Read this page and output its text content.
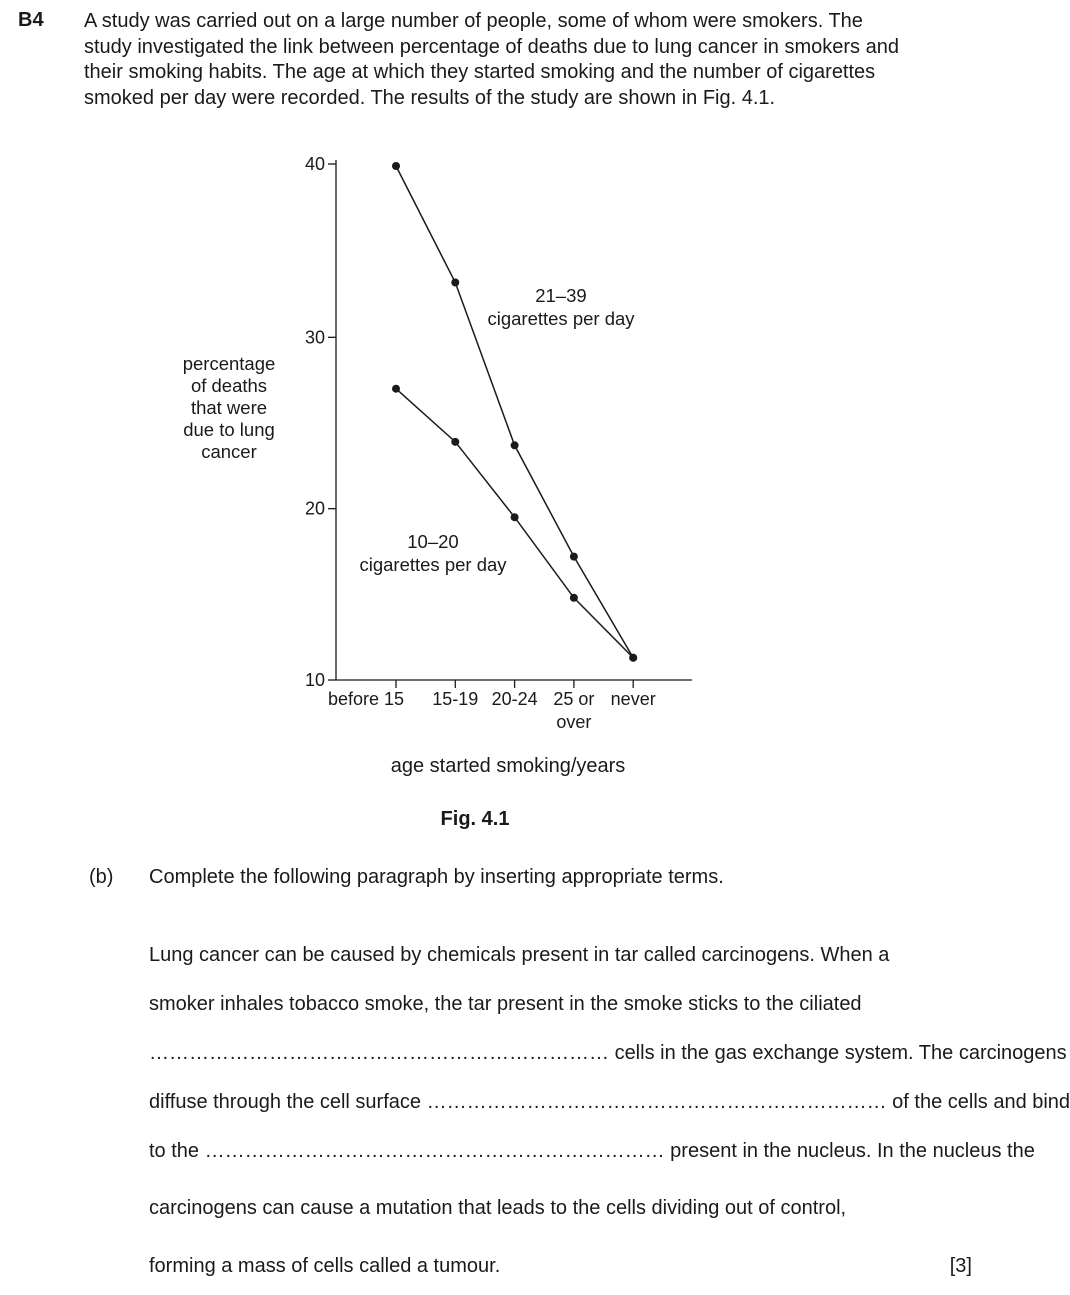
B4 A study was carried out on a large number of people, some of whom were smokers. The
study investigated the link between percentage of deaths due to lung cancer in smokers and
their smoking habits. The age at which they started smoking and the number of cigarettes
smoked per day were recorded. The results of the study are shown in Fig. 4.1.
10
20
30
40
before 15 15-19 20-24 25 or
over
never
percentage
of deaths
that were
due to lung
cancer
21–39
cigarettes per day
10–20
cigarettes per day
age started smoking/years
Fig. 4.1
(b) Complete the following paragraph by inserting appropriate terms.
Lung cancer can be caused by chemicals present in tar called carcinogens. When a
smoker inhales tobacco smoke, the tar present in the smoke sticks to the ciliated
…………………………………………………………… cells in the gas exchange system. The carcinogens
diffuse through the cell surface …………………………………………………………… of the cells and bind
to the …………………………………………………………… present in the nucleus. In the nucleus the
carcinogens can cause a mutation that leads to the cells dividing out of control,
forming a mass of cells called a tumour.	[3]
